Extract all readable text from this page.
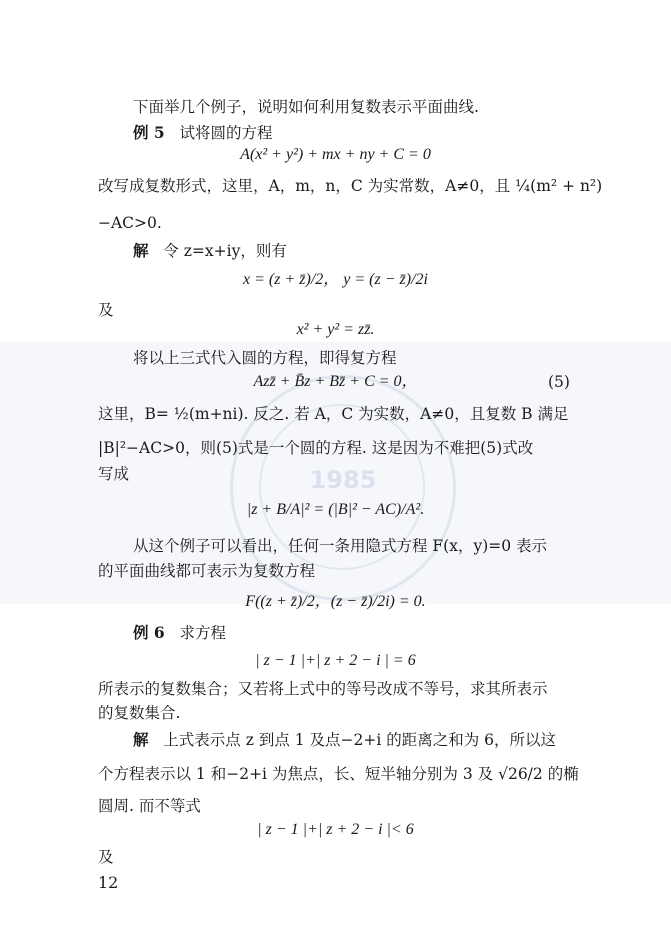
1985
下面举几个例子，说明如何利用复数表示平面曲线.
例 5 试将圆的方程
A(x² + y²) + mx + ny + C = 0
改写成复数形式，这里，A，m，n，C 为实常数，A≠0，且 ¼(m² + n²)
−AC>0.
解 令 z=x+iy，则有
x = (z + z̄)/2， y = (z − z̄)/2i
及
x² + y² = zz̄.
将以上三式代入圆的方程，即得复方程
Azz̄ + B̄z + Bz̄ + C = 0，	(5)
这里，B= ½(m+ni). 反之. 若 A，C 为实数，A≠0，且复数 B 满足
|B|²−AC>0，则(5)式是一个圆的方程. 这是因为不难把(5)式改
写成
|z + B/A|² = (|B|² − AC)/A².
从这个例子可以看出，任何一条用隐式方程 F(x，y)=0 表示
的平面曲线都可表示为复数方程
F((z + z̄)/2，(z − z̄)/2i) = 0.
例 6 求方程
| z − 1 |+| z + 2 − i | = 6
所表示的复数集合；又若将上式中的等号改成不等号，求其所表示
的复数集合.
解 上式表示点 z 到点 1 及点−2+i 的距离之和为 6，所以这
个方程表示以 1 和−2+i 为焦点，长、短半轴分别为 3 及 √26/2 的椭
圆周. 而不等式
| z − 1 |+| z + 2 − i |< 6
及
12
